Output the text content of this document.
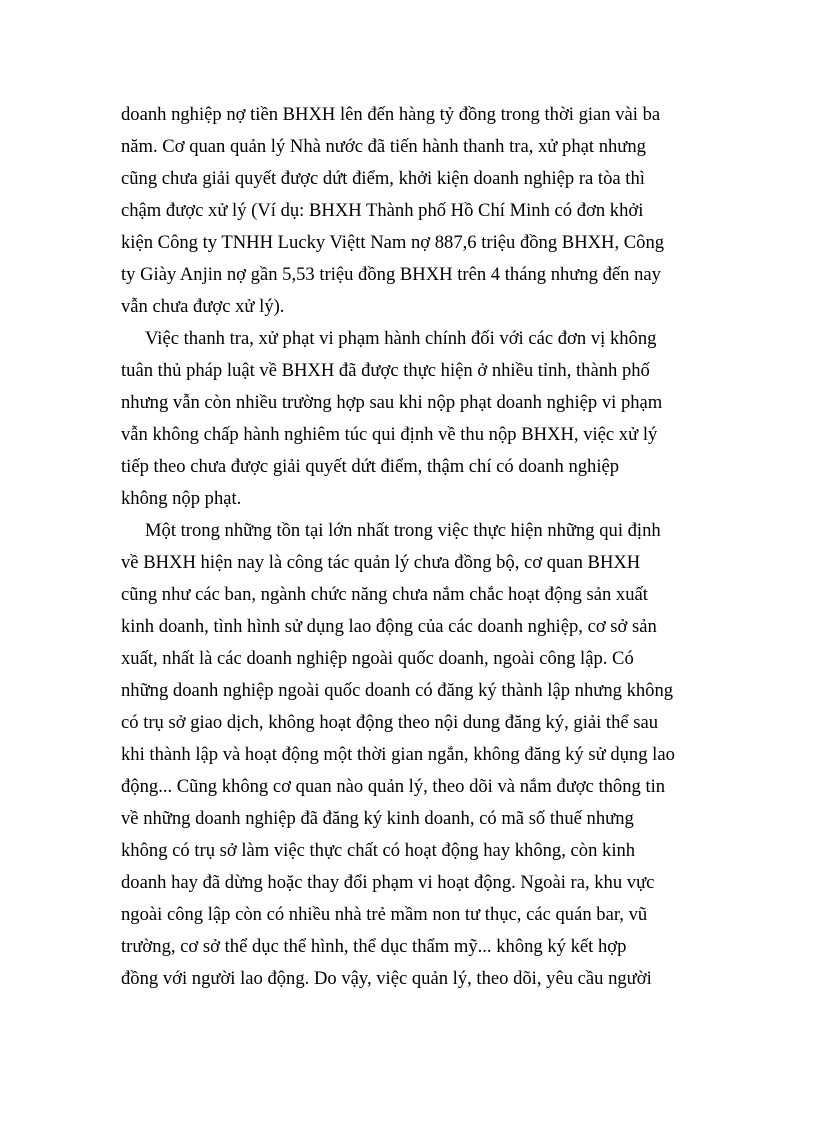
doanh nghiệp nợ tiền BHXH lên đến hàng tỷ đồng trong thời gian vài ba
năm. Cơ quan quản lý Nhà nước đã tiến hành thanh tra, xử phạt nhưng
cũng chưa giải quyết được dứt điểm, khởi kiện doanh nghiệp ra tòa thì
chậm được xử lý (Ví dụ: BHXH Thành phố Hồ Chí Minh có đơn khởi
kiện Công ty TNHH Lucky Việtt Nam nợ 887,6 triệu đồng BHXH, Công
ty Giày Anjin nợ gần 5,53 triệu đồng BHXH trên 4 tháng nhưng đến nay
vẫn chưa được xử lý).
Việc thanh tra, xử phạt vi phạm hành chính đối với các đơn vị không
tuân thủ pháp luật về BHXH đã được thực hiện ở nhiều tỉnh, thành phố
nhưng vẫn còn nhiều trường hợp sau khi nộp phạt doanh nghiệp vi phạm
vẫn không chấp hành nghiêm túc qui định về thu nộp BHXH, việc xử lý
tiếp theo chưa được giải quyết dứt điểm, thậm chí có doanh nghiệp
không nộp phạt.
Một trong những tồn tại lớn nhất trong việc thực hiện những qui định
về BHXH hiện nay là công tác quản lý chưa đồng bộ, cơ quan BHXH
cũng như các ban, ngành chức năng chưa nắm chắc hoạt động sản xuất
kinh doanh, tình hình sử dụng lao động của các doanh nghiệp, cơ sở sản
xuất, nhất là các doanh nghiệp ngoài quốc doanh, ngoài công lập. Có
những doanh nghiệp ngoài quốc doanh có đăng ký thành lập nhưng không
có trụ sở giao dịch, không hoạt động theo nội dung đăng ký, giải thể sau
khi thành lập và hoạt động một thời gian ngắn, không đăng ký sử dụng lao
động... Cũng không cơ quan nào quản lý, theo dõi và nắm được thông tin
về những doanh nghiệp đã đăng ký kinh doanh, có mã số thuế nhưng
không có trụ sở làm việc thực chất có hoạt động hay không, còn kinh
doanh hay đã dừng hoặc thay đổi phạm vi hoạt động. Ngoài ra, khu vực
ngoài công lập còn có nhiều nhà trẻ mầm non tư thục, các quán bar, vũ
trường, cơ sở thể dục thể hình, thể dục thẩm mỹ... không ký kết hợp
đồng với người lao động. Do vậy, việc quản lý, theo dõi, yêu cầu người
